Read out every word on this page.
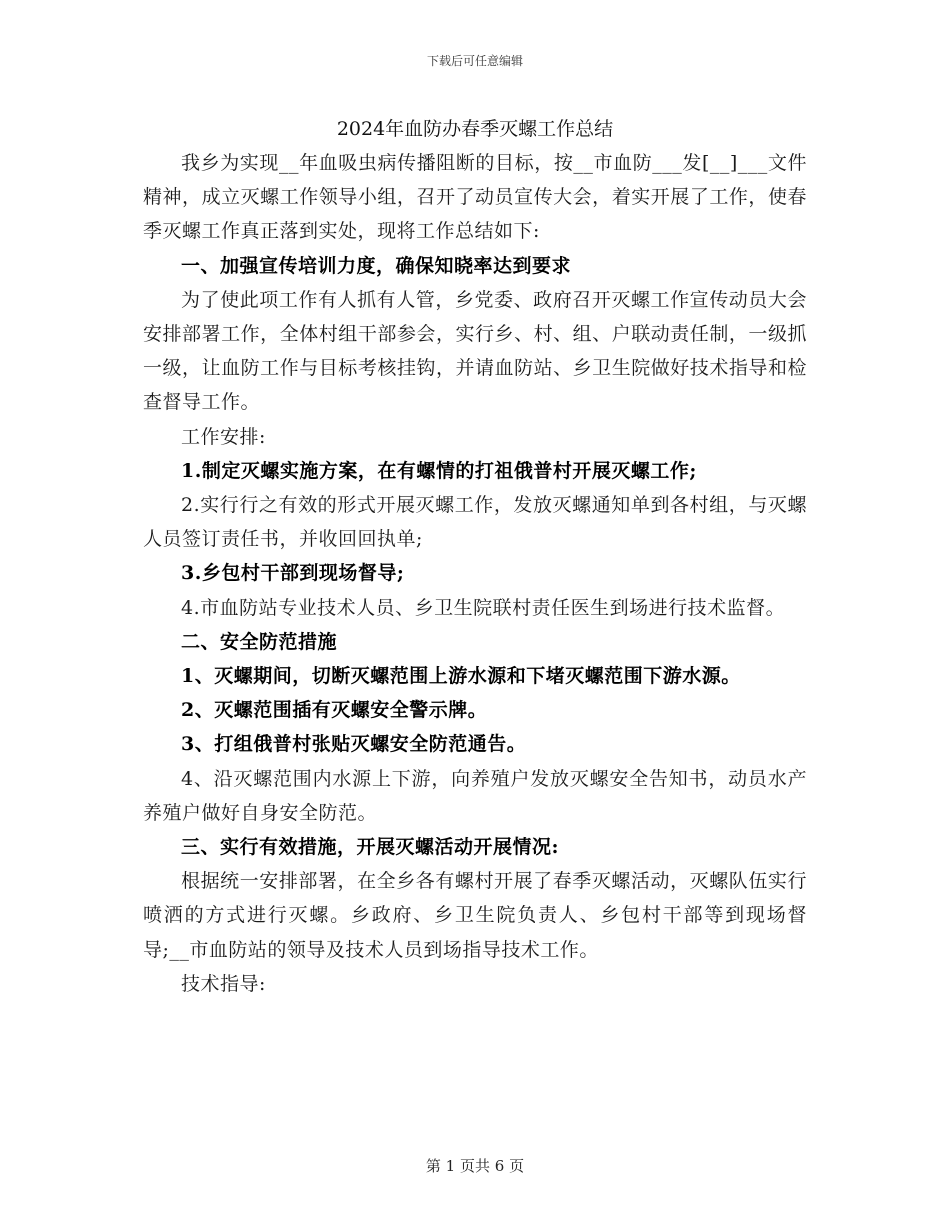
下载后可任意编辑
2024年血防办春季灭螺工作总结

我乡为实现__年血吸虫病传播阻断的目标，按__市血防___发[__]___文件精神，成立灭螺工作领导小组，召开了动员宣传大会，着实开展了工作，使春季灭螺工作真正落到实处，现将工作总结如下:

一、加强宣传培训力度，确保知晓率达到要求

为了使此项工作有人抓有人管，乡党委、政府召开灭螺工作宣传动员大会安排部署工作，全体村组干部参会，实行乡、村、组、户联动责任制，一级抓一级，让血防工作与目标考核挂钩，并请血防站、乡卫生院做好技术指导和检查督导工作。

工作安排:

1.制定灭螺实施方案，在有螺情的打祖俄普村开展灭螺工作;

2.实行行之有效的形式开展灭螺工作，发放灭螺通知单到各村组，与灭螺人员签订责任书，并收回回执单;

3.乡包村干部到现场督导;

4.市血防站专业技术人员、乡卫生院联村责任医生到场进行技术监督。

二、安全防范措施

1、灭螺期间，切断灭螺范围上游水源和下堵灭螺范围下游水源。

2、灭螺范围插有灭螺安全警示牌。

3、打组俄普村张贴灭螺安全防范通告。

4、沿灭螺范围内水源上下游，向养殖户发放灭螺安全告知书，动员水产养殖户做好自身安全防范。

三、实行有效措施，开展灭螺活动开展情况:

根据统一安排部署，在全乡各有螺村开展了春季灭螺活动，灭螺队伍实行喷洒的方式进行灭螺。乡政府、乡卫生院负责人、乡包村干部等到现场督导;__市血防站的领导及技术人员到场指导技术工作。

技术指导:

第 1 页共 6 页
